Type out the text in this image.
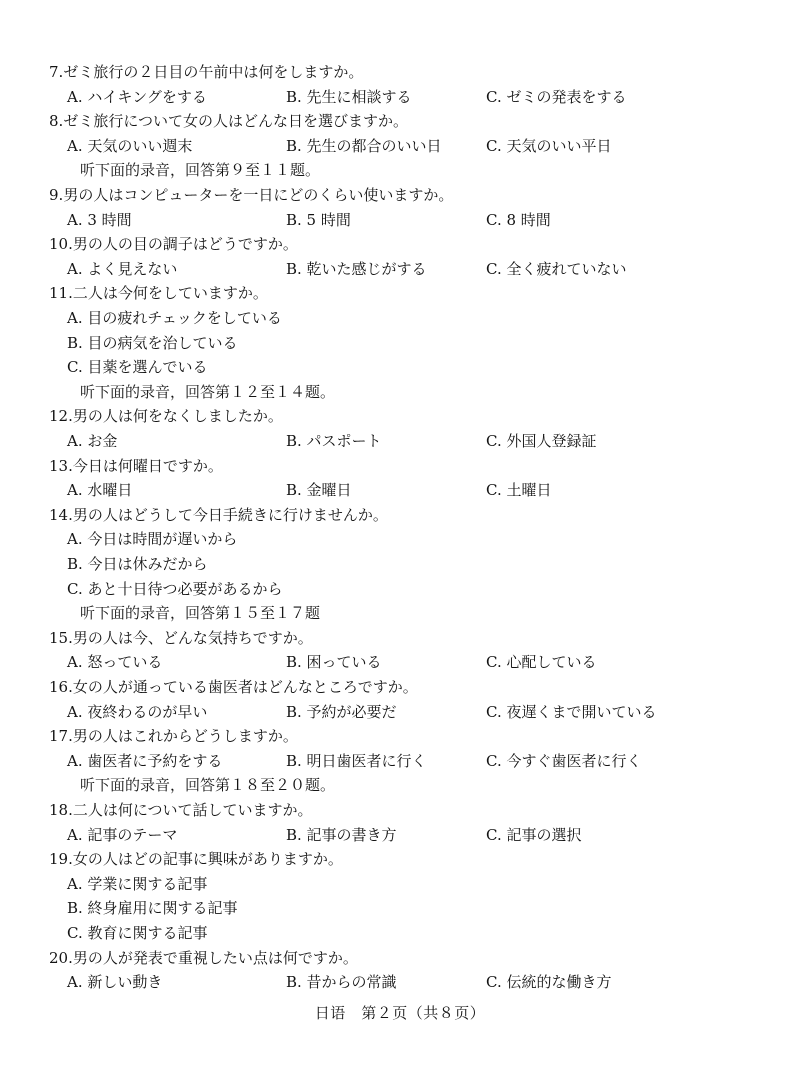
7.ゼミ旅行の２日目の午前中は何をしますか。
A. ハイキングをする	B. 先生に相談する	C. ゼミの発表をする
8.ゼミ旅行について女の人はどんな日を選びますか。
A. 天気のいい週末	B. 先生の都合のいい日	C. 天気のいい平日
听下面的录音，回答第９至１１题。
9.男の人はコンピューターを一日にどのくらい使いますか。
A. 3 時間	B. 5 時間	C. 8 時間
10.男の人の目の調子はどうですか。
A. よく見えない	B. 乾いた感じがする	C. 全く疲れていない
11.二人は今何をしていますか。
A. 目の疲れチェックをしている
B. 目の病気を治している
C. 目薬を選んでいる
听下面的录音，回答第１２至１４题。
12.男の人は何をなくしましたか。
A. お金	B. パスポート	C. 外国人登録証
13.今日は何曜日ですか。
A. 水曜日	B. 金曜日	C. 土曜日
14.男の人はどうして今日手続きに行けませんか。
A. 今日は時間が遅いから
B. 今日は休みだから
C. あと十日待つ必要があるから
听下面的录音，回答第１５至１７题
15.男の人は今、どんな気持ちですか。
A. 怒っている	B. 困っている	C. 心配している
16.女の人が通っている歯医者はどんなところですか。
A. 夜終わるのが早い	B. 予約が必要だ	C. 夜遅くまで開いている
17.男の人はこれからどうしますか。
A. 歯医者に予約をする	B. 明日歯医者に行く	C. 今すぐ歯医者に行く
听下面的录音，回答第１８至２０题。
18.二人は何について話していますか。
A. 記事のテーマ	B. 記事の書き方	C. 記事の選択
19.女の人はどの記事に興味がありますか。
A. 学業に関する記事
B. 終身雇用に関する記事
C. 教育に関する記事
20.男の人が発表で重視したい点は何ですか。
A. 新しい動き	B. 昔からの常識	C. 伝統的な働き方
日语　第２页（共８页）
